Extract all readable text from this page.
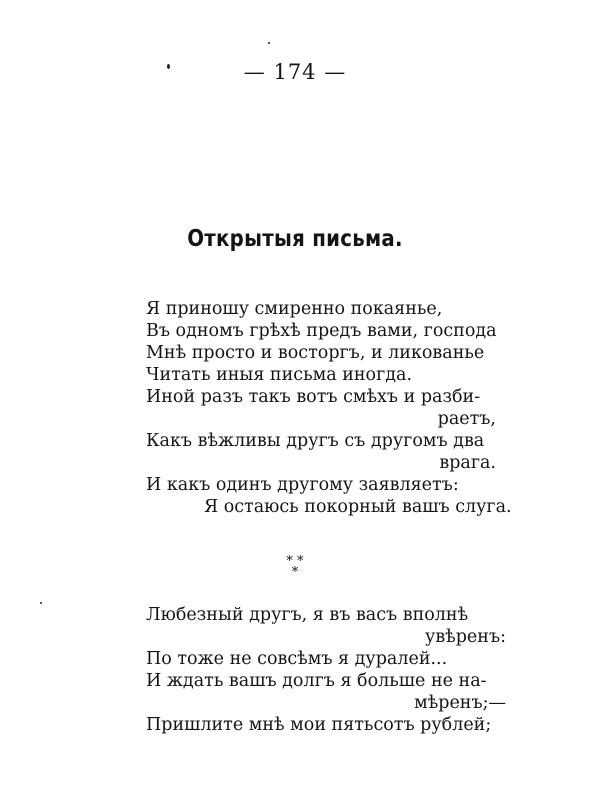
— 174 —
Открытыя письма.
Я приношу смиренно покаянье,
Въ одномъ грѣхѣ предъ вами, господа
Мнѣ просто и восторгъ, и ликованье
Читать иныя письма иногда.
Иной разъ такъ вотъ смѣхъ и разби-
раетъ,
Какъ вѣжливы другъ съ другомъ два
врага.
И какъ одинъ другому заявляетъ:
Я остаюсь покорный вашъ слуга.
* *
*
Любезный другъ, я въ васъ вполнѣ
увѣренъ:
По тоже не совсѣмъ я дуралей...
И ждать вашъ долгъ я больше не на-
мѣренъ;—
Пришлите мнѣ мои пятьсотъ рублей;
